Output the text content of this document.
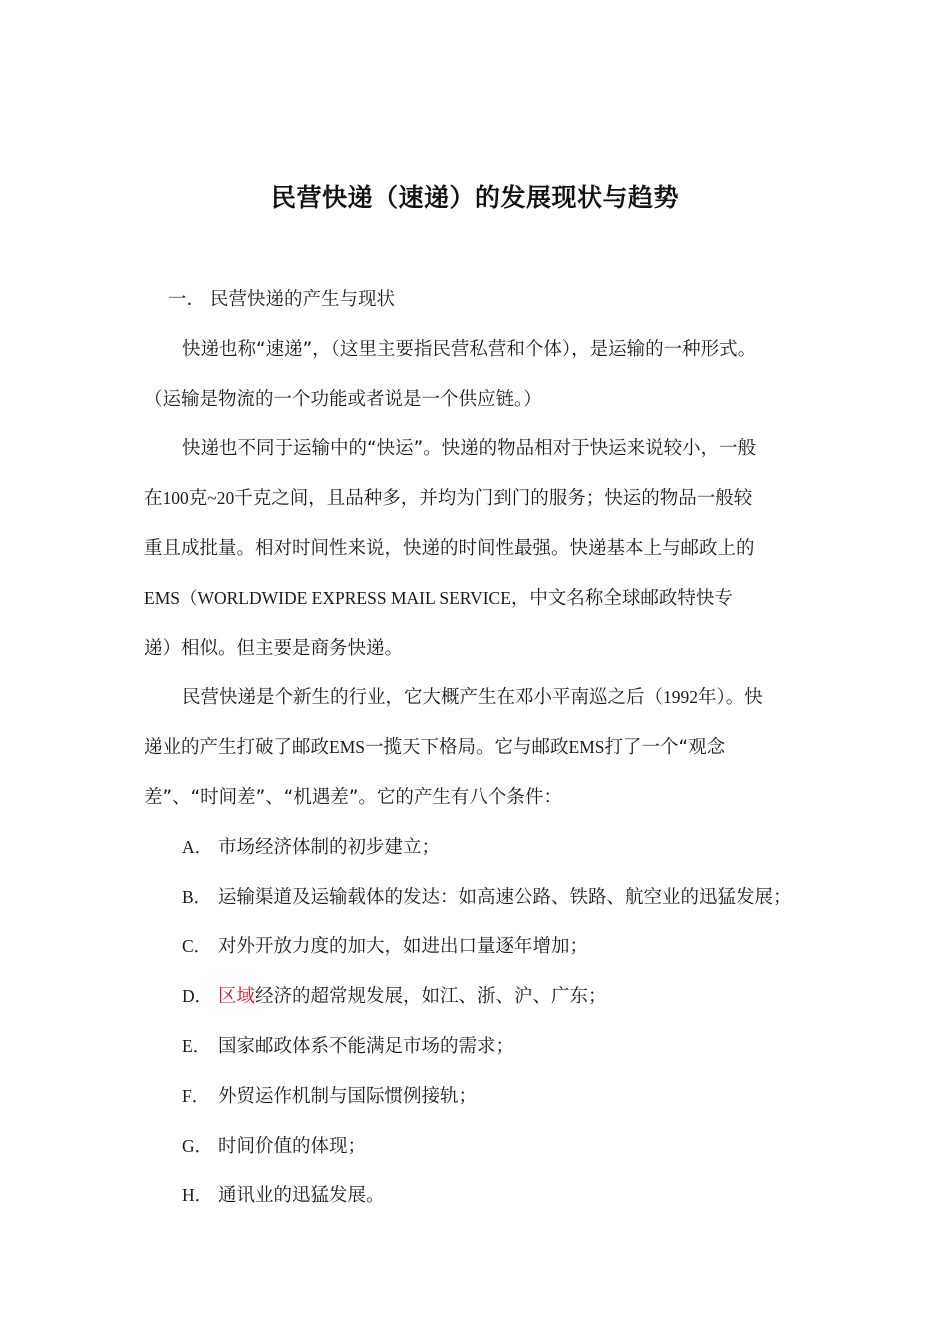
民营快递（速递）的发展现状与趋势
一． 民营快递的产生与现状
快递也称“速递”，（这里主要指民营私营和个体），是运输的一种形式。
（运输是物流的一个功能或者说是一个供应链。）
快递也不同于运输中的“快运”。快递的物品相对于快运来说较小，一般
在100克~20千克之间，且品种多，并均为门到门的服务；快运的物品一般较
重且成批量。相对时间性来说，快递的时间性最强。快递基本上与邮政上的
EMS（WORLDWIDE EXPRESS MAIL SERVICE，中文名称全球邮政特快专
递）相似。但主要是商务快递。
民营快递是个新生的行业，它大概产生在邓小平南巡之后（1992年）。快
递业的产生打破了邮政EMS一揽天下格局。它与邮政EMS打了一个“观念
差”、“时间差”、“机遇差”。它的产生有八个条件：
A． 市场经济体制的初步建立；
B． 运输渠道及运输载体的发达：如高速公路、铁路、航空业的迅猛发展；
C． 对外开放力度的加大，如进出口量逐年增加；
D． 区域经济的超常规发展，如江、浙、沪、广东；
E． 国家邮政体系不能满足市场的需求；
F． 外贸运作机制与国际惯例接轨；
G． 时间价值的体现；
H． 通讯业的迅猛发展。
